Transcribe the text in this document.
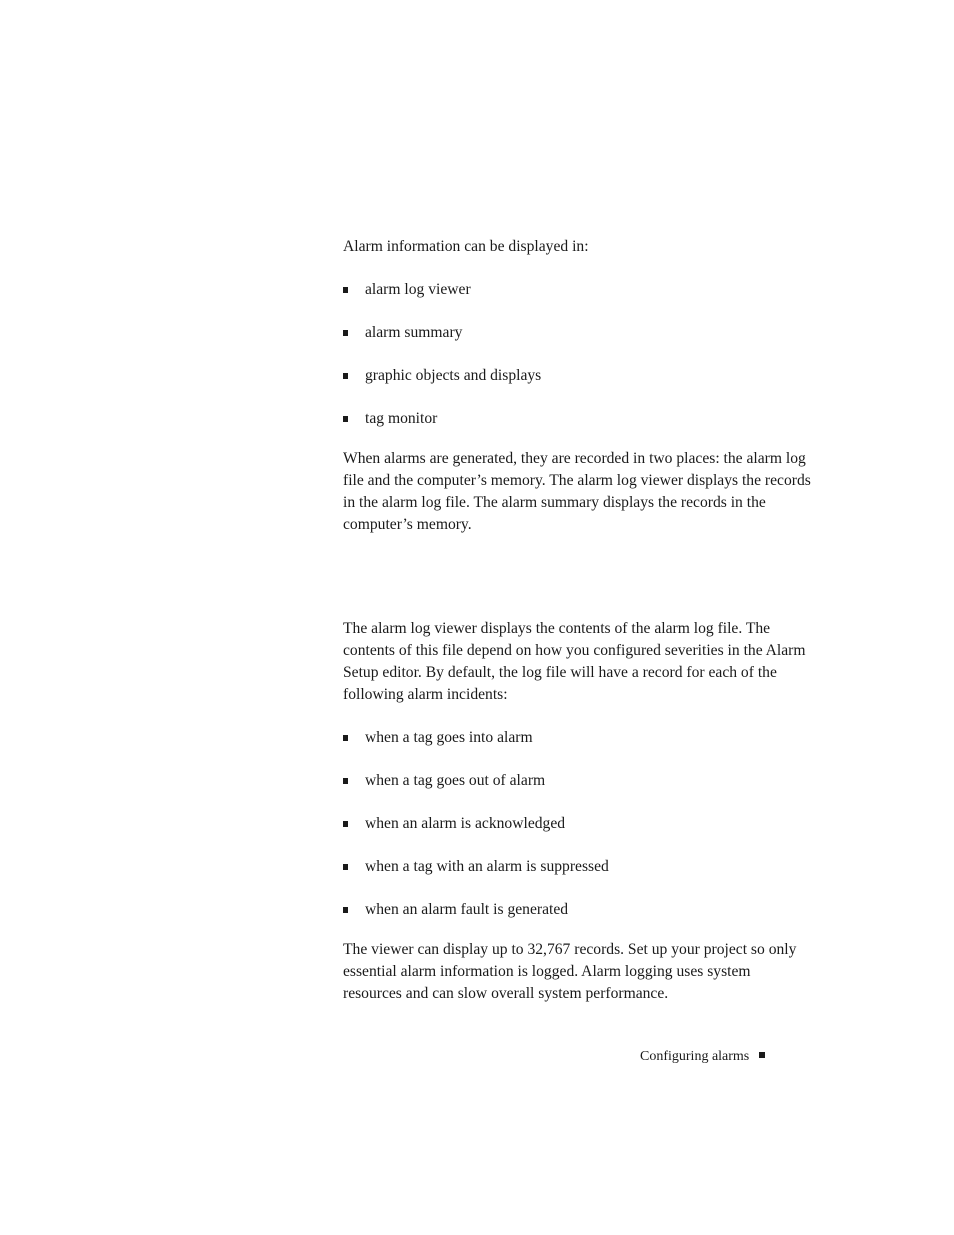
Alarm information can be displayed in:

alarm log viewer
alarm summary
graphic objects and displays
tag monitor

When alarms are generated, they are recorded in two places: the alarm log file and the computer’s memory. The alarm log viewer displays the records in the alarm log file. The alarm summary displays the records in the computer’s memory.

The alarm log viewer displays the contents of the alarm log file. The contents of this file depend on how you configured severities in the Alarm Setup editor. By default, the log file will have a record for each of the following alarm incidents:

when a tag goes into alarm
when a tag goes out of alarm
when an alarm is acknowledged
when a tag with an alarm is suppressed
when an alarm fault is generated

The viewer can display up to 32,767 records. Set up your project so only essential alarm information is logged. Alarm logging uses system resources and can slow overall system performance.

Configuring alarms
